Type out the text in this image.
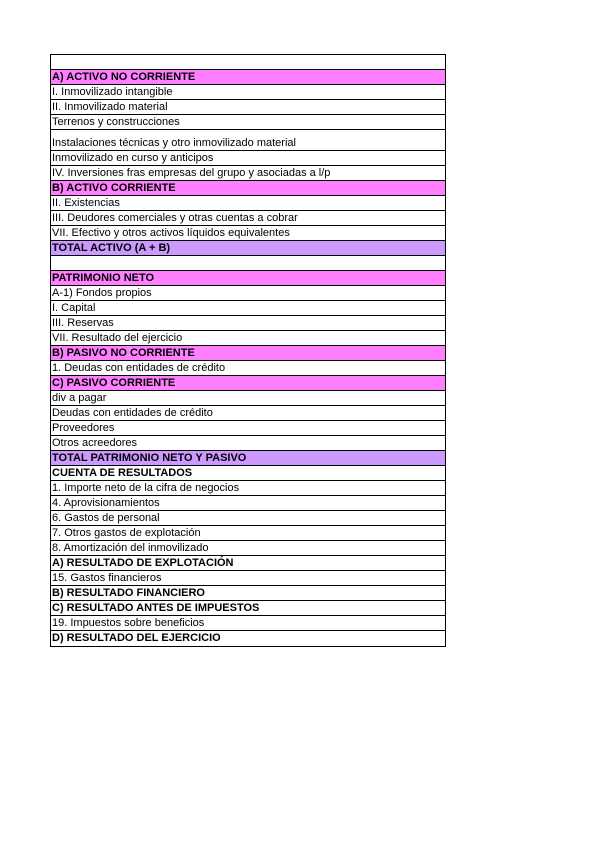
A) ACTIVO NO CORRIENTE
I. Inmovilizado intangible
II. Inmovilizado material
Terrenos y construcciones
Instalaciones técnicas y otro inmovilizado material
Inmovilizado en curso y anticipos
IV. Inversiones fras empresas del grupo y asociadas a l/p
B) ACTIVO CORRIENTE
II. Existencias
III. Deudores comerciales y otras cuentas a cobrar
VII. Efectivo y otros activos líquidos equivalentes
TOTAL ACTIVO (A + B)
PATRIMONIO NETO
A-1) Fondos propios
I. Capital
III. Reservas
VII. Resultado del ejercicio
B) PASIVO NO CORRIENTE
1. Deudas con entidades de crédito
C) PASIVO CORRIENTE
div a pagar
Deudas con entidades de crédito
Proveedores
Otros acreedores
TOTAL PATRIMONIO NETO Y PASIVO
CUENTA DE RESULTADOS
1. Importe neto de la cifra de negocios
4. Aprovisionamientos
6. Gastos de personal
7. Otros gastos de explotación
8. Amortización del inmovilizado
A) RESULTADO DE EXPLOTACIÓN
15. Gastos financieros
B) RESULTADO FINANCIERO
C) RESULTADO ANTES DE IMPUESTOS
19. Impuestos sobre beneficios
D) RESULTADO DEL EJERCICIO
